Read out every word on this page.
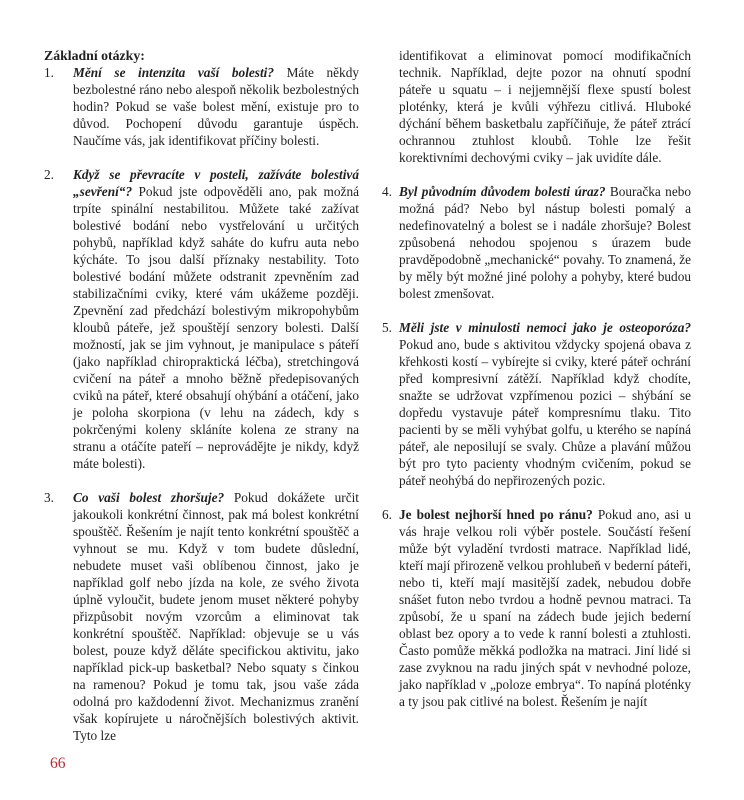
Základní otázky:
1.	Mění se intenzita vaší bolesti? Máte někdy bezbolestné ráno nebo alespoň několik bezbolestných hodin? Pokud se vaše bolest mění, existuje pro to důvod. Pochopení důvodu garantuje úspěch. Naučíme vás, jak identifikovat příčiny bolesti.

2.	Když se převracíte v posteli, zažíváte bolestivá „sevření“? Pokud jste odpověděli ano, pak možná trpíte spinální nestabilitou. Můžete také zažívat bolestivé bodání nebo vystřelování u určitých pohybů, například když saháte do kufru auta nebo kýcháte. To jsou další příznaky nestability. Toto bolestivé bodání můžete odstranit zpevněním zad stabilizačními cviky, které vám ukážeme později. Zpevnění zad předchází bolestivým mikropohybům kloubů páteře, jež spouštějí senzory bolesti. Další možností, jak se jim vyhnout, je manipulace s páteří (jako například chiropraktická léčba), stretchingová cvičení na páteř a mnoho běžně předepisovaných cviků na páteř, které obsahují ohýbání a otáčení, jako je poloha skorpiona (v lehu na zádech, kdy s pokrčenými koleny skláníte kolena ze strany na stranu a otáčíte pateří – neprovádějte je nikdy, když máte bolesti).

3.	Co vaši bolest zhoršuje? Pokud dokážete určit jakoukoli konkrétní činnost, pak má bolest konkrétní spouštěč. Řešením je najít tento konkrétní spouštěč a vyhnout se mu. Když v tom budete důslední, nebudete muset vaši oblíbenou činnost, jako je například golf nebo jízda na kole, ze svého života úplně vyloučit, budete jenom muset některé pohyby přizpůsobit novým vzorcům a eliminovat tak konkrétní spouštěč. Například: objevuje se u vás bolest, pouze když děláte specifickou aktivitu, jako například pick-up basketbal? Nebo squaty s činkou na ramenou? Pokud je tomu tak, jsou vaše záda odolná pro každodenní život. Mechanizmus zranění však kopírujete u náročnějších bolestivých aktivit. Tyto lze

identifikovat a eliminovat pomocí modifikačních technik. Například, dejte pozor na ohnutí spodní páteře u squatu – i nejjemnější flexe spustí bolest ploténky, která je kvůli výhřezu citlivá. Hluboké dýchání během basketbalu zapříčiňuje, že páteř ztrácí ochrannou ztuhlost kloubů. Tohle lze řešit korektivními dechovými cviky – jak uvidíte dále.

4. Byl původním důvodem bolesti úraz? Bouračka nebo možná pád? Nebo byl nástup bolesti pomalý a nedefinovatelný a bolest se i nadále zhoršuje? Bolest způsobená nehodou spojenou s úrazem bude pravděpodobně „mechanické“ povahy. To znamená, že by měly být možné jiné polohy a pohyby, které budou bolest zmenšovat.

5. Měli jste v minulosti nemoci jako je osteoporóza? Pokud ano, bude s aktivitou vždycky spojená obava z křehkosti kostí – vybírejte si cviky, které páteř ochrání před kompresivní zátěží. Například když chodíte, snažte se udržovat vzpřímenou pozici – shýbání se dopředu vystavuje páteř kompresnímu tlaku. Tito pacienti by se měli vyhýbat golfu, u kterého se napíná páteř, ale neposilují se svaly. Chůze a plavání můžou být pro tyto pacienty vhodným cvičením, pokud se páteř neohýbá do nepřirozených pozic.

6. Je bolest nejhorší hned po ránu? Pokud ano, asi u vás hraje velkou roli výběr postele. Součástí řešení může být vyladění tvrdosti matrace. Například lidé, kteří mají přirozeně velkou prohlubeň v bederní páteři, nebo ti, kteří mají masitější zadek, nebudou dobře snášet futon nebo tvrdou a hodně pevnou matraci. Ta způsobí, že u spaní na zádech bude jejich bederní oblast bez opory a to vede k ranní bolesti a ztuhlosti. Často pomůže měkká podložka na matraci. Jiní lidé si zase zvyknou na radu jiných spát v nevhodné poloze, jako například v „poloze embrya“. To napíná ploténky a ty jsou pak citlivé na bolest. Řešením je najít

66
